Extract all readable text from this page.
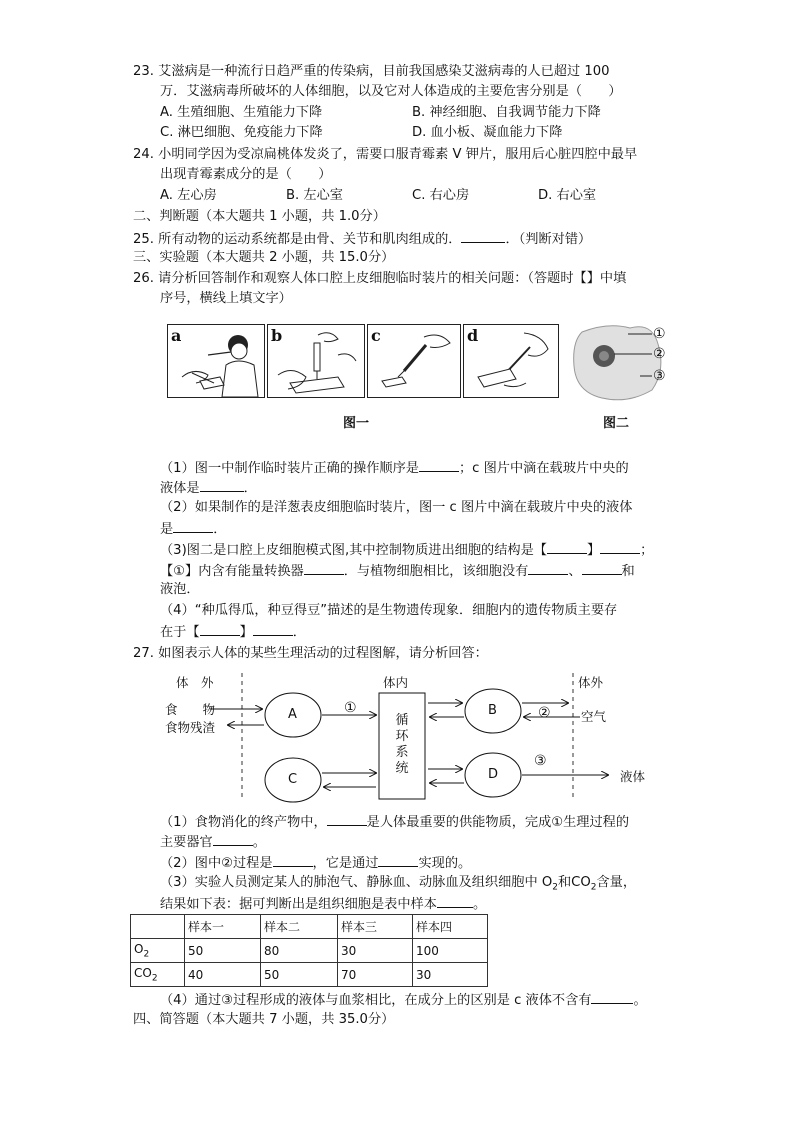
23. 艾滋病是一种流行日趋严重的传染病，目前我国感染艾滋病毒的人已超过 100
万．艾滋病毒所破坏的人体细胞，以及它对人体造成的主要危害分别是（　　）
A. 生殖细胞、生殖能力下降	B. 神经细胞、自我调节能力下降
C. 淋巴细胞、免疫能力下降	D. 血小板、凝血能力下降
24. 小明同学因为受凉扁桃体发炎了，需要口服青霉素 V 钾片，服用后心脏四腔中最早
出现青霉素成分的是（　　）
A. 左心房	B. 左心室	C. 右心房	D. 右心室
二、判断题（本大题共 1 小题，共 1.0分）
25. 所有动物的运动系统都是由骨、关节和肌肉组成的．	．（判断对错）
三、实验题（本大题共 2 小题，共 15.0分）
26. 请分析回答制作和观察人体口腔上皮细胞临时装片的相关问题：（答题时【】中填
序号，横线上填文字）
a	b	c	d	①
②
③
图一	图二
（1）图一中制作临时装片正确的操作顺序是	；c 图片中滴在载玻片中央的
液体是	．
（2）如果制作的是洋葱表皮细胞临时装片，图一 c 图片中滴在载玻片中央的液体
是	．
（3)图二是口腔上皮细胞模式图,其中控制物质进出细胞的结构是【	】	；
【①】内含有能量转换器	．与植物细胞相比，该细胞没有	、	和
液泡．
（4）“种瓜得瓜，种豆得豆”描述的是生物遗传现象．细胞内的遗传物质主要存
在于【	】	．
27. 如图表示人体的某些生理活动的过程图解，请分析回答：
体　外	体内	体外
食　　物
食物残渣
A	B
C	D
循环系统
①	②
③
空气
液体
（1）食物消化的终产物中，	是人体最重要的供能物质，完成①生理过程的
主要器官	。
（2）图中②过程是	，它是通过	实现的。
（3）实验人员测定某人的肺泡气、静脉血、动脉血及组织细胞中 $O_2$和$CO_2$含量，
结果如下表：据可判断出是组织细胞是表中样本	。
	样本一	样本二	样本三	样本四
$O_2$	50	80	30	100
$CO_2$	40	50	70	30
（4）通过③过程形成的液体与血浆相比，在成分上的区别是 c 液体不含有	。
四、简答题（本大题共 7 小题，共 35.0分）
